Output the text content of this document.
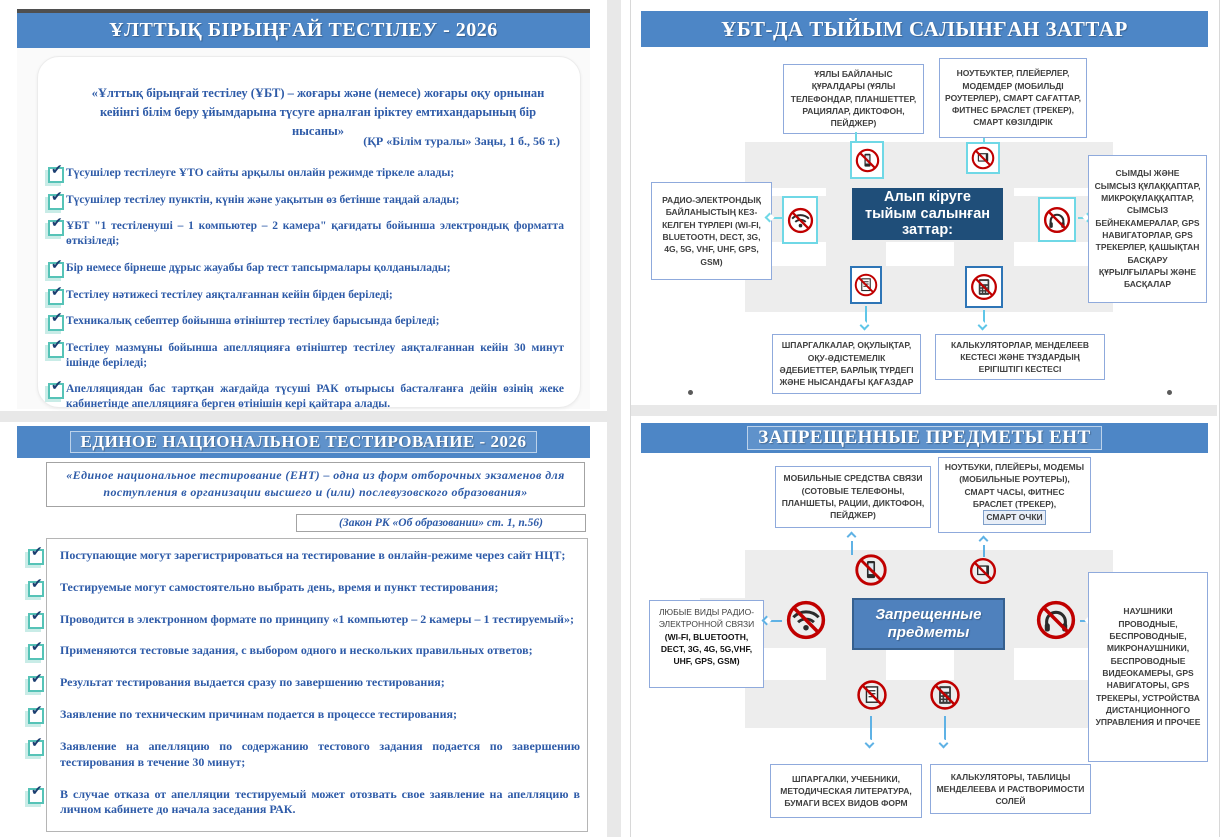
ҰЛТТЫҚ БІРЫҢҒАЙ ТЕСТІЛЕУ - 2026
«Ұлттық бірыңғай тестілеу (ҰБТ) – жоғары және (немесе) жоғары оқу орнынан кейінгі білім беру ұйымдарына түсуге арналған іріктеу емтихандарының бір нысаны»
(ҚР «Білім туралы» Заңы, 1 б., 56 т.)
✔
Түсушілер тестілеуге ҰТО сайты арқылы онлайн режимде тіркеле алады;
✔
Түсушілер тестілеу пунктін, күнін және уақытын өз бетінше таңдай алады;
✔
ҰБТ "1 тестіленуші – 1 компьютер – 2 камера" қағидаты бойынша электрондық форматта өткізіледі;
✔
Бір немесе бірнеше дұрыс жауабы бар тест тапсырмалары қолданылады;
✔
Тестілеу нәтижесі тестілеу аяқталғаннан кейін бірден беріледі;
✔
Техникалық себептер бойынша өтініштер тестілеу барысында беріледі;
✔
Тестілеу мазмұны бойынша апелляцияға өтініштер тестілеу аяқталғаннан кейін 30 минут ішінде беріледі;
✔
Апелляциядан бас тартқан жағдайда түсуші РАК отырысы басталғанға дейін өзінің жеке кабинетінде апелляцияға берген өтінішін кері қайтара алады.
ЕДИНОЕ НАЦИОНАЛЬНОЕ ТЕСТИРОВАНИЕ - 2026
«Единое национальное тестирование (ЕНТ) – одна из форм отборочных экзаменов для поступления в организации высшего и (или) послевузовского образования»
(Закон РК «Об образовании» ст. 1, п.56)
✔
Поступающие могут зарегистрироваться на тестирование в онлайн-режиме через сайт НЦТ;
✔
Тестируемые могут самостоятельно выбрать день, время и пункт тестирования;
✔
Проводится в электронном формате по принципу «1 компьютер – 2 камеры – 1 тестируемый»;
✔
Применяются тестовые задания, с выбором одного и нескольких правильных ответов;
✔
Результат тестирования выдается сразу по завершению тестирования;
✔
Заявление по техническим причинам подается в процессе тестирования;
✔
Заявление на апелляцию по содержанию тестового задания подается по завершению тестирования в течение 30 минут;
✔
В случае отказа от апелляции тестируемый может отозвать свое заявление на апелляцию в личном кабинете до начала заседания РАК.
ҰБТ-ДА ТЫЙЫМ САЛЫНҒАН ЗАТТАР
ҰЯЛЫ БАЙЛАНЫС ҚҰРАЛДАРЫ (ҰЯЛЫ ТЕЛЕФОНДАР, ПЛАНШЕТТЕР, РАЦИЯЛАР, ДИКТОФОН, ПЕЙДЖЕР)
НОУТБУКТЕР, ПЛЕЙЕРЛЕР, МОДЕМДЕР (МОБИЛЬДІ РОУТЕРЛЕР), СМАРТ САҒАТТАР, ФИТНЕС БРАСЛЕТ (ТРЕКЕР), СМАРТ КӨЗІЛДІРІК
РАДИО-ЭЛЕКТРОНДЫҚ БАЙЛАНЫСТЫҢ КЕЗ-КЕЛГЕН ТҮРЛЕРІ (WI-FI, BLUETOOTH, DECT, 3G, 4G, 5G, VHF, UHF, GPS, GSM)
Алып кіруге тыйым салынған заттар:
СЫМДЫ ЖӘНЕ СЫМСЫЗ ҚҰЛАҚҚАПТАР, МИКРОҚҰЛАҚҚАПТАР, СЫМСЫЗ БЕЙНЕКАМЕРАЛАР, GPS НАВИГАТОРЛАР, GPS ТРЕКЕРЛЕР, ҚАШЫҚТАН БАСҚАРУ ҚҰРЫЛҒЫЛАРЫ ЖӘНЕ БАСҚАЛАР
ШПАРГАЛКАЛАР, ОҚУЛЫҚТАР, ОҚУ-ӘДІСТЕМЕЛІК ӘДЕБИЕТТЕР, БАРЛЫҚ ТҮРДЕГІ ЖӘНЕ НЫСАНДАҒЫ ҚАҒАЗДАР
КАЛЬКУЛЯТОРЛАР, МЕНДЕЛЕЕВ КЕСТЕСІ ЖӘНЕ ТҰЗДАРДЫҢ ЕРІГІШТІГІ КЕСТЕСІ
ЗАПРЕЩЕННЫЕ ПРЕДМЕТЫ ЕНТ
МОБИЛЬНЫЕ СРЕДСТВА СВЯЗИ (СОТОВЫЕ ТЕЛЕФОНЫ, ПЛАНШЕТЫ, РАЦИИ, ДИКТОФОН, ПЕЙДЖЕР)
НОУТБУКИ, ПЛЕЙЕРЫ, МОДЕМЫ (МОБИЛЬНЫЕ РОУТЕРЫ), СМАРТ ЧАСЫ, ФИТНЕС БРАСЛЕТ (ТРЕКЕР), СМАРТ ОЧКИ
ЛЮБЫЕ ВИДЫ РАДИО-ЭЛЕКТРОННОЙ СВЯЗИ
(WI-FI, BLUETOOTH, DECT, 3G, 4G, 5G,VHF, UHF, GPS, GSM)
Запрещенные предметы
НАУШНИКИ ПРОВОДНЫЕ, БЕСПРОВОДНЫЕ, МИКРОНАУШНИКИ, БЕСПРОВОДНЫЕ ВИДЕОКАМЕРЫ, GPS НАВИГАТОРЫ, GPS ТРЕКЕРЫ, УСТРОЙСТВА ДИСТАНЦИОННОГО УПРАВЛЕНИЯ И ПРОЧЕЕ
ШПАРГАЛКИ, УЧЕБНИКИ, МЕТОДИЧЕСКАЯ ЛИТЕРАТУРА, БУМАГИ ВСЕХ ВИДОВ ФОРМ
КАЛЬКУЛЯТОРЫ, ТАБЛИЦЫ МЕНДЕЛЕЕВА И РАСТВОРИМОСТИ СОЛЕЙ
